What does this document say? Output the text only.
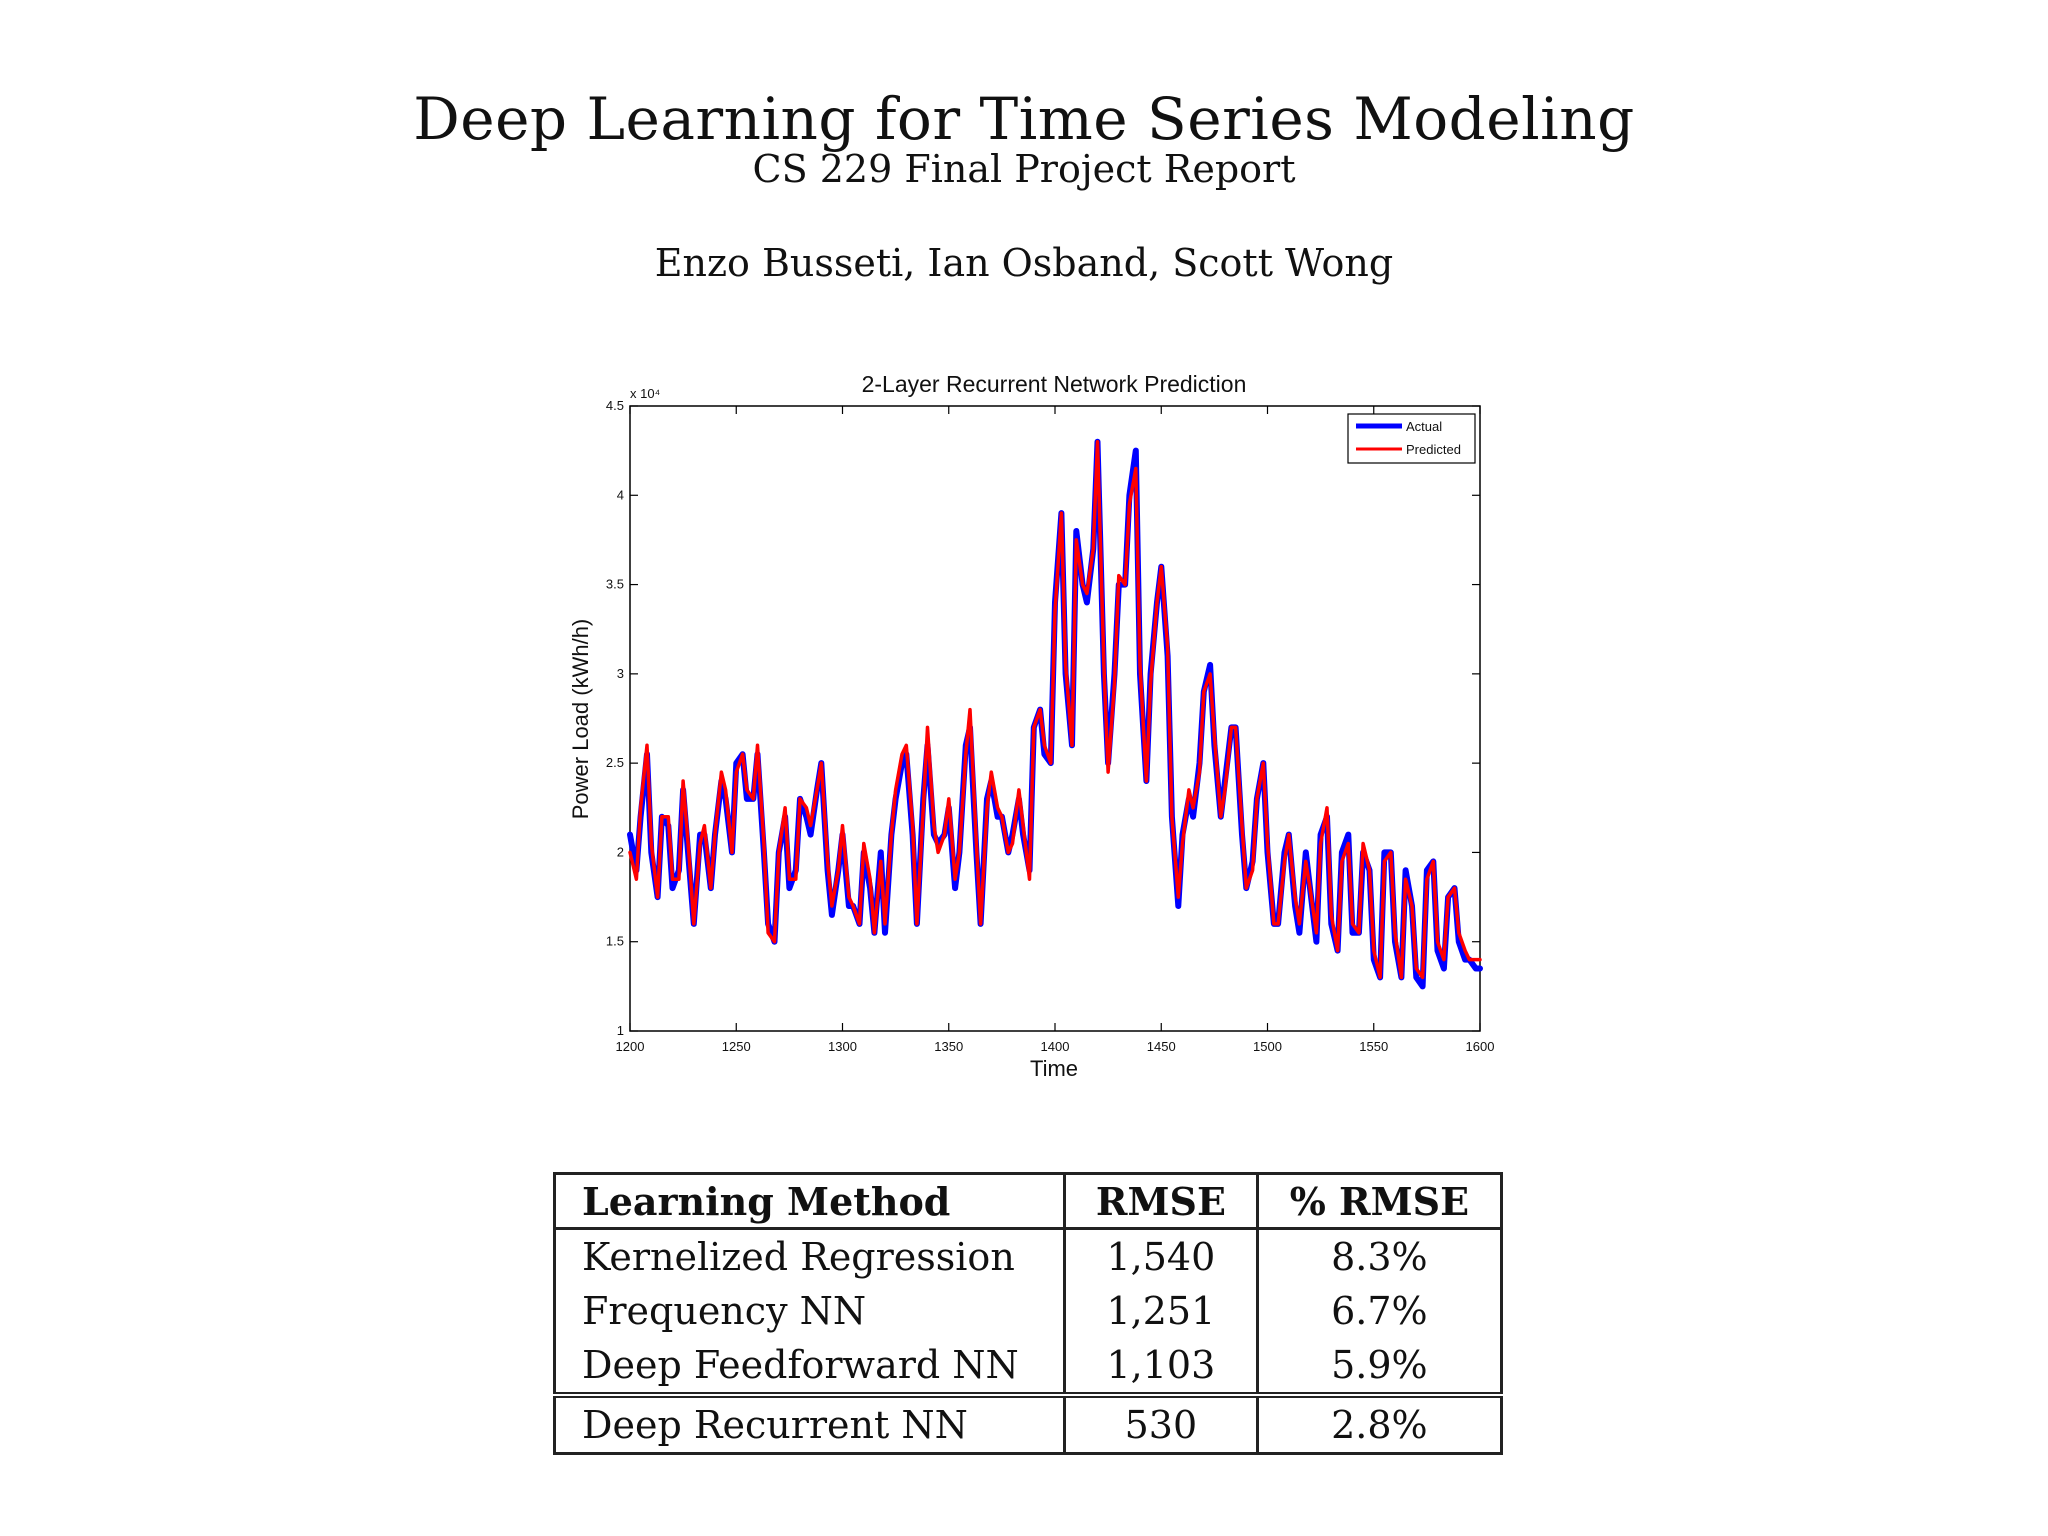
Deep Learning for Time Series Modeling
CS 229 Final Project Report
Enzo Busseti, Ian Osband, Scott Wong
2-Layer Recurrent Network Prediction
x 10⁴
1200	1250	1300	1350	1400	1450	1500	1550	1600
1
1.5
2
2.5
3
3.5
4
4.5
Time
Power Load (kWh/h)
Actual
Predicted
Learning Method	RMSE	% RMSE
Kernelized Regression	1,540	8.3%
Frequency NN	1,251	6.7%
Deep Feedforward NN	1,103	5.9%
Deep Recurrent NN	530	2.8%
